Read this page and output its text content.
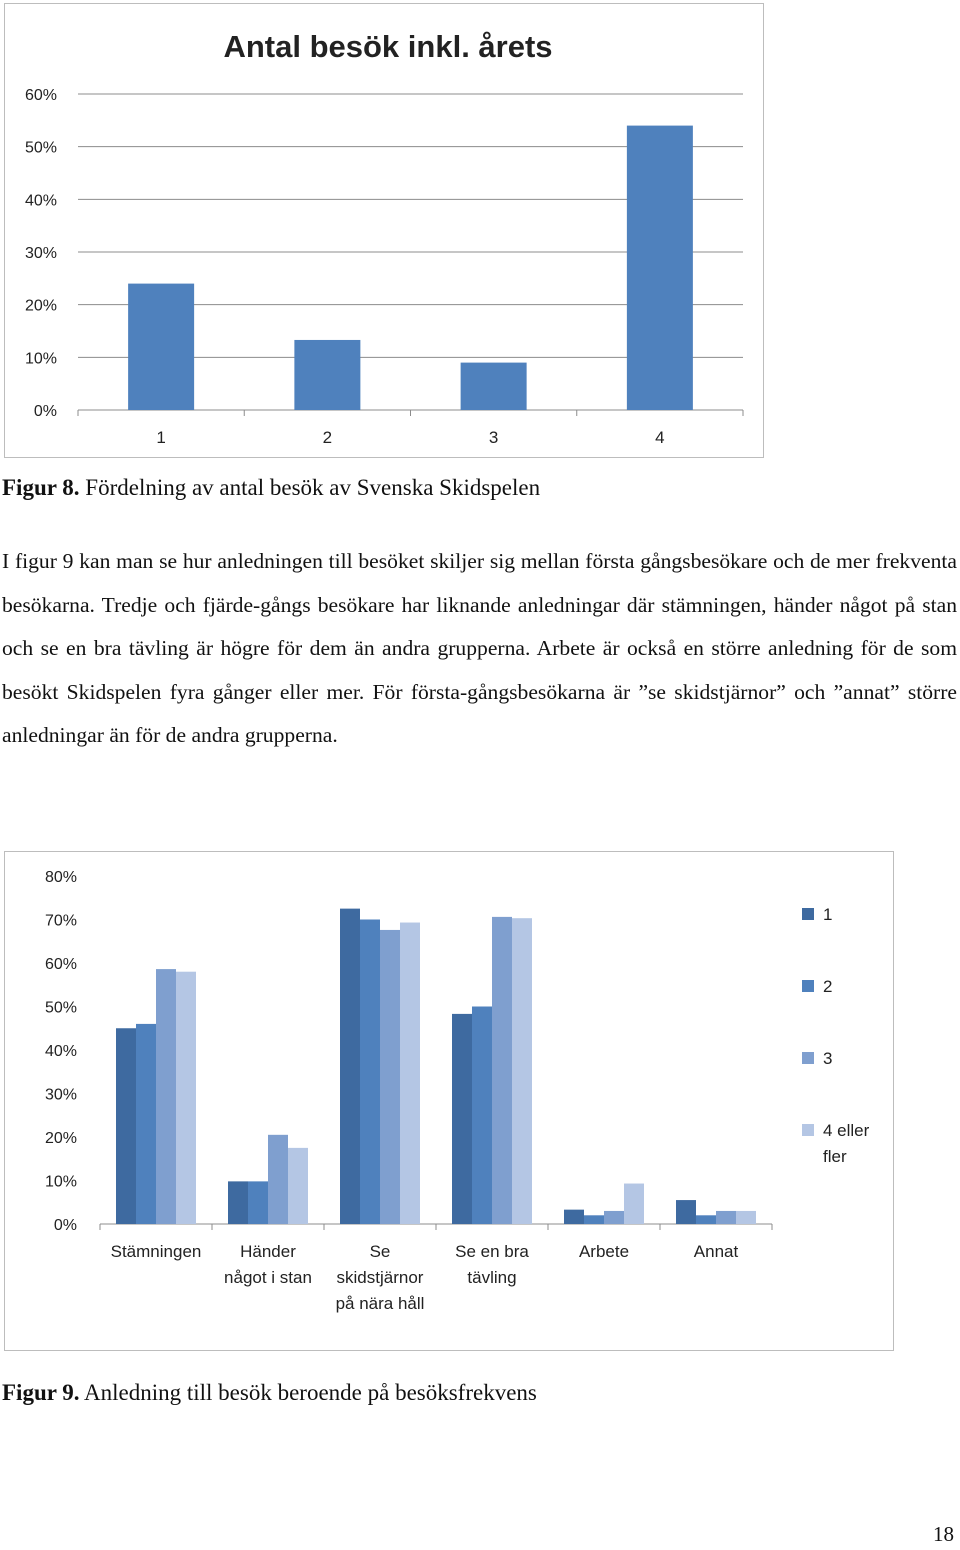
Antal besök inkl. årets
0%
10%
20%
30%
40%
50%
60%
1	2	3	4

Figur 8. Fördelning av antal besök av Svenska Skidspelen

I figur 9 kan man se hur anledningen till besöket skiljer sig mellan första gångsbesökare och de mer frekventa besökarna. Tredje och fjärde-gångs besökare har liknande anledningar där stämningen, händer något på stan och se en bra tävling är högre för dem än andra grupperna. Arbete är också en större anledning för de som besökt Skidspelen fyra gånger eller mer. För första-gångsbesökarna är ”se skidstjärnor” och ”annat” större anledningar än för de andra grupperna.

0%
10%
20%
30%
40%
50%
60%
70%
80%
Stämningen	Händer något i stan
Se skidstjärnor på nära håll
Se en bra tävling
Arbete	Annat
1
2
3
4 eller fler

Figur 9. Anledning till besök beroende på besöksfrekvens

18
